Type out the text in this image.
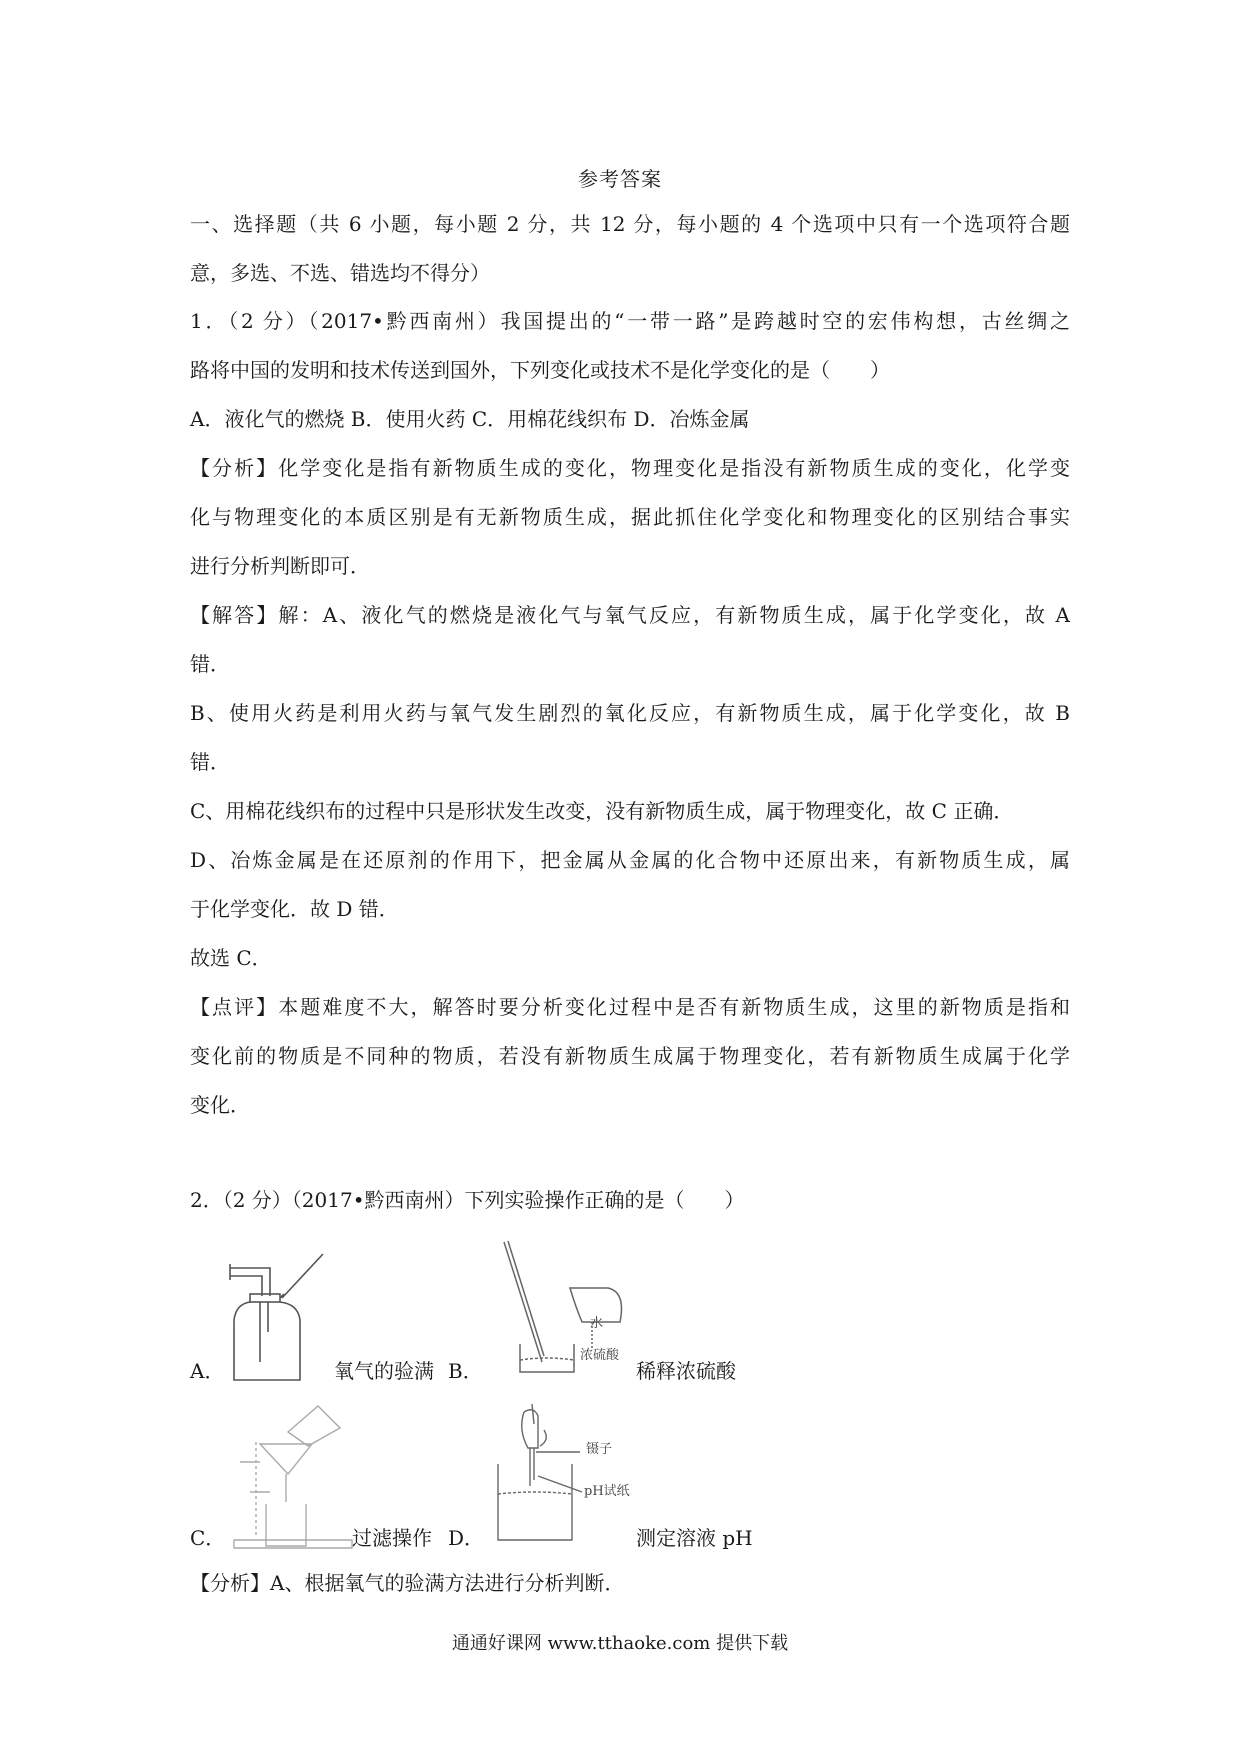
参考答案
一、选择题（共 6 小题，每小题 2 分，共 12 分，每小题的 4 个选项中只有一个选项符合题
意，多选、不选、错选均不得分）
1．（2 分）（2017•黔西南州）我国提出的“一带一路”是跨越时空的宏伟构想，古丝绸之
路将中国的发明和技术传送到国外，下列变化或技术不是化学变化的是（　　）
A．液化气的燃烧 B．使用火药 C．用棉花线织布 D．冶炼金属
【分析】化学变化是指有新物质生成的变化，物理变化是指没有新物质生成的变化，化学变
化与物理变化的本质区别是有无新物质生成，据此抓住化学变化和物理变化的区别结合事实
进行分析判断即可．
【解答】解：A、液化气的燃烧是液化气与氧气反应，有新物质生成，属于化学变化，故 A
错．
B、使用火药是利用火药与氧气发生剧烈的氧化反应，有新物质生成，属于化学变化，故 B
错．
C、用棉花线织布的过程中只是形状发生改变，没有新物质生成，属于物理变化，故 C 正确．
D、冶炼金属是在还原剂的作用下，把金属从金属的化合物中还原出来，有新物质生成，属
于化学变化．故 D 错．
故选 C．
【点评】本题难度不大，解答时要分析变化过程中是否有新物质生成，这里的新物质是指和
变化前的物质是不同种的物质，若没有新物质生成属于物理变化，若有新物质生成属于化学
变化．
2．（2 分）（2017•黔西南州）下列实验操作正确的是（　　）
A．	氧气的验满 B．
水
浓硫酸
稀释浓硫酸
C．	过滤操作 D．
镊子
pH试纸
测定溶液 pH
【分析】A、根据氧气的验满方法进行分析判断．
通通好课网 www.tthaoke.com 提供下载
